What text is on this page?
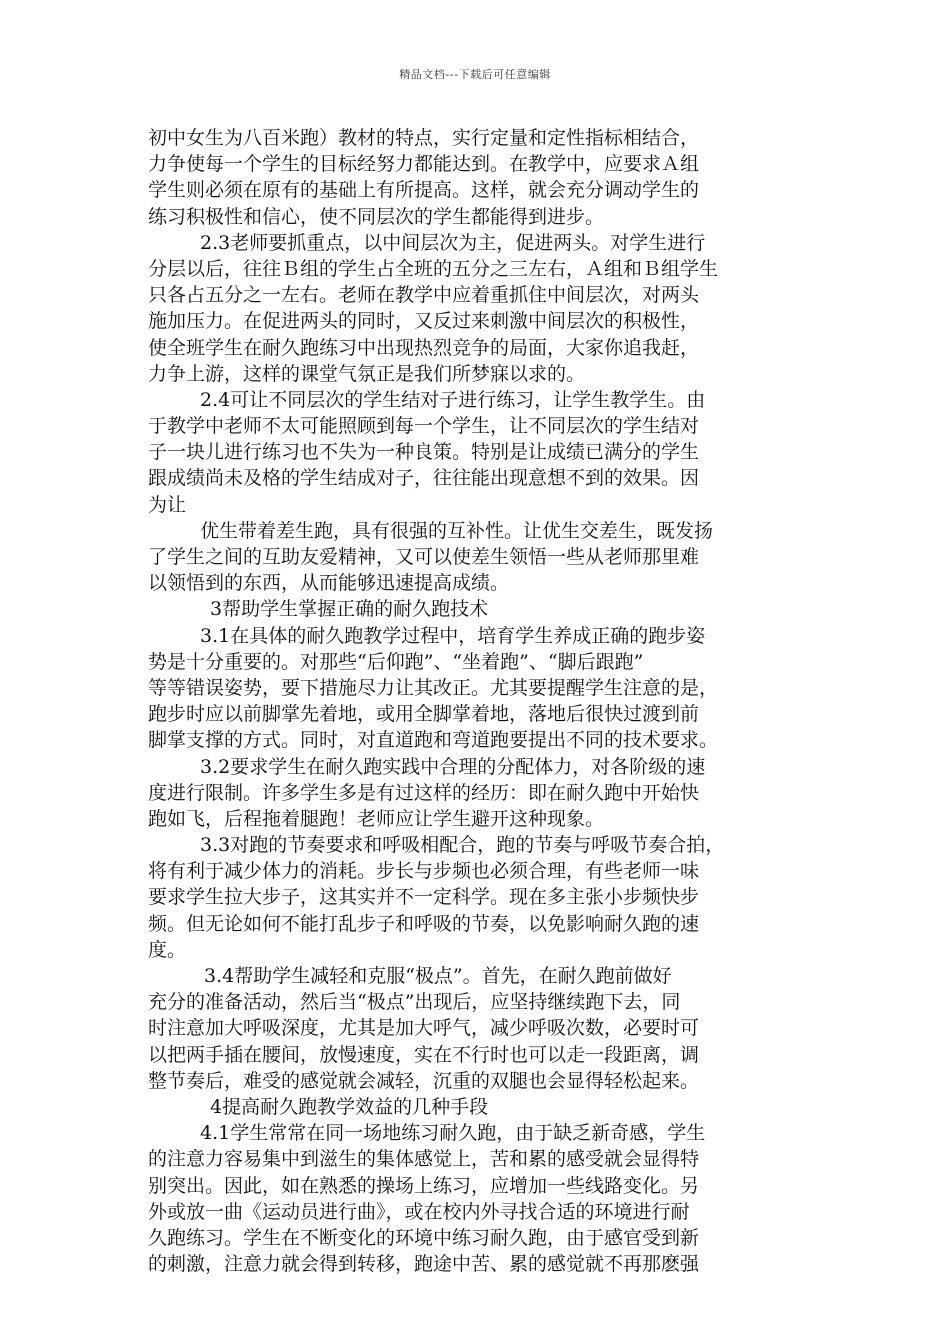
精品文档---下载后可任意编辑
初中女生为八百米跑）教材的特点，实行定量和定性指标相结合，
力争使每一个学生的目标经努力都能达到。在教学中，应要求Ａ组
学生则必须在原有的基础上有所提高。这样，就会充分调动学生的
练习积极性和信心，使不同层次的学生都能得到进步。
2.3老师要抓重点，以中间层次为主，促进两头。对学生进行
分层以后，往往Ｂ组的学生占全班的五分之三左右，Ａ组和Ｂ组学生
只各占五分之一左右。老师在教学中应着重抓住中间层次，对两头
施加压力。在促进两头的同时，又反过来刺激中间层次的积极性，
使全班学生在耐久跑练习中出现热烈竞争的局面，大家你追我赶，
力争上游，这样的课堂气氛正是我们所梦寐以求的。
2.4可让不同层次的学生结对子进行练习，让学生教学生。由
于教学中老师不太可能照顾到每一个学生，让不同层次的学生结对
子一块儿进行练习也不失为一种良策。特别是让成绩已满分的学生
跟成绩尚未及格的学生结成对子，往往能出现意想不到的效果。因
为让
优生带着差生跑，具有很强的互补性。让优生交差生，既发扬
了学生之间的互助友爱精神，又可以使差生领悟一些从老师那里难
以领悟到的东西，从而能够迅速提高成绩。
3帮助学生掌握正确的耐久跑技术
3.1在具体的耐久跑教学过程中，培育学生养成正确的跑步姿
势是十分重要的。对那些“后仰跑”、“坐着跑”、“脚后跟跑”
等等错误姿势，要下措施尽力让其改正。尤其要提醒学生注意的是，
跑步时应以前脚掌先着地，或用全脚掌着地，落地后很快过渡到前
脚掌支撑的方式。同时，对直道跑和弯道跑要提出不同的技术要求。
3.2要求学生在耐久跑实践中合理的分配体力，对各阶级的速
度进行限制。许多学生多是有过这样的经历：即在耐久跑中开始快
跑如飞，后程拖着腿跑！老师应让学生避开这种现象。
3.3对跑的节奏要求和呼吸相配合，跑的节奏与呼吸节奏合拍，
将有利于减少体力的消耗。步长与步频也必须合理，有些老师一味
要求学生拉大步子，这其实并不一定科学。现在多主张小步频快步
频。但无论如何不能打乱步子和呼吸的节奏，以免影响耐久跑的速
度。
3.4帮助学生减轻和克服“极点”。首先，在耐久跑前做好
充分的准备活动，然后当“极点”出现后，应坚持继续跑下去，同
时注意加大呼吸深度，尤其是加大呼气，减少呼吸次数，必要时可
以把两手插在腰间，放慢速度，实在不行时也可以走一段距离，调
整节奏后，难受的感觉就会减轻，沉重的双腿也会显得轻松起来。
4提高耐久跑教学效益的几种手段
4.1学生常常在同一场地练习耐久跑，由于缺乏新奇感，学生
的注意力容易集中到滋生的集体感觉上，苦和累的感受就会显得特
别突出。因此，如在熟悉的操场上练习，应增加一些线路变化。另
外或放一曲《运动员进行曲》，或在校内外寻找合适的环境进行耐
久跑练习。学生在不断变化的环境中练习耐久跑，由于感官受到新
的刺激，注意力就会得到转移，跑途中苦、累的感觉就不再那麽强
